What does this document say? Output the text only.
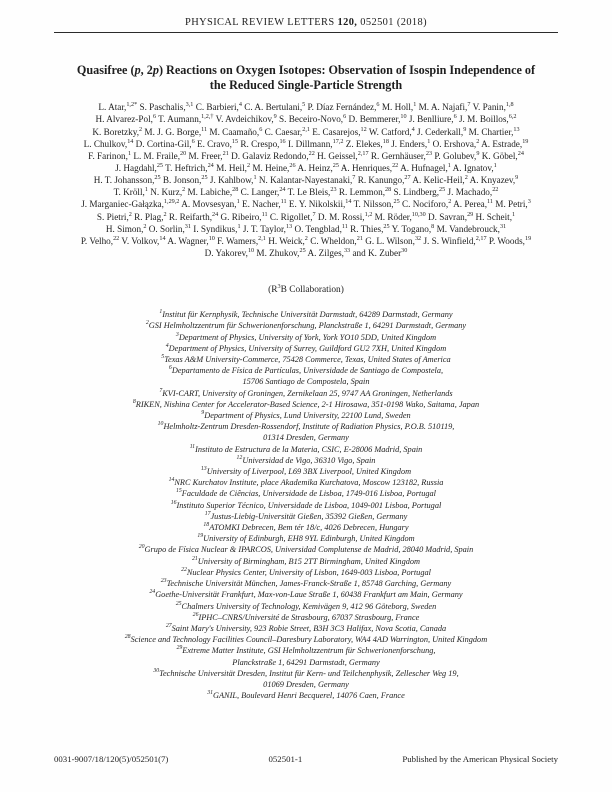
PHYSICAL REVIEW LETTERS 120, 052501 (2018)
Quasifree (p, 2p) Reactions on Oxygen Isotopes: Observation of Isospin Independence of
the Reduced Single-Particle Strength
L. Atar,$^{1,2*}$ S. Paschalis,$^{3,1}$ C. Barbieri,$^4$ C. A. Bertulani,$^5$ P. Díaz Fernández,$^6$ M. Holl,$^1$ M. A. Najafi,$^7$ V. Panin,$^{1,8}$
H. Alvarez-Pol,$^6$ T. Aumann,$^{1,2,\dagger}$ V. Avdeichikov,$^9$ S. Beceiro-Novo,$^6$ D. Bemmerer,$^{10}$ J. Benlliure,$^6$ J. M. Boillos,$^{6,2}$
K. Boretzky,$^2$ M. J. G. Borge,$^{11}$ M. Caamaño,$^6$ C. Caesar,$^{2,1}$ E. Casarejos,$^{12}$ W. Catford,$^4$ J. Cederkall,$^9$ M. Chartier,$^{13}$
L. Chulkov,$^{14}$ D. Cortina-Gil,$^6$ E. Cravo,$^{15}$ R. Crespo,$^{16}$ I. Dillmann,$^{17,2}$ Z. Elekes,$^{18}$ J. Enders,$^1$ O. Ershova,$^2$ A. Estrade,$^{19}$
F. Farinon,$^1$ L. M. Fraile,$^{20}$ M. Freer,$^{21}$ D. Galaviz Redondo,$^{22}$ H. Geissel,$^{2,17}$ R. Gernhäuser,$^{23}$ P. Golubev,$^9$ K. Göbel,$^{24}$
J. Hagdahl,$^{25}$ T. Heftrich,$^{24}$ M. Heil,$^2$ M. Heine,$^{26}$ A. Heinz,$^{25}$ A. Henriques,$^{22}$ A. Hufnagel,$^1$ A. Ignatov,$^1$
H. T. Johansson,$^{25}$ B. Jonson,$^{25}$ J. Kahlbow,$^1$ N. Kalantar-Nayestanaki,$^7$ R. Kanungo,$^{27}$ A. Kelic-Heil,$^2$ A. Knyazev,$^9$
T. Kröll,$^1$ N. Kurz,$^2$ M. Labiche,$^{28}$ C. Langer,$^{24}$ T. Le Bleis,$^{23}$ R. Lemmon,$^{28}$ S. Lindberg,$^{25}$ J. Machado,$^{22}$
J. Marganiec-Gałązka,$^{1,29,2}$ A. Movsesyan,$^1$ E. Nacher,$^{11}$ E. Y. Nikolskii,$^{14}$ T. Nilsson,$^{25}$ C. Nociforo,$^2$ A. Perea,$^{11}$ M. Petri,$^3$
S. Pietri,$^2$ R. Plag,$^2$ R. Reifarth,$^{24}$ G. Ribeiro,$^{11}$ C. Rigollet,$^7$ D. M. Rossi,$^{1,2}$ M. Röder,$^{10,30}$ D. Savran,$^{29}$ H. Scheit,$^1$
H. Simon,$^2$ O. Sorlin,$^{31}$ I. Syndikus,$^1$ J. T. Taylor,$^{13}$ O. Tengblad,$^{11}$ R. Thies,$^{25}$ Y. Togano,$^8$ M. Vandebrouck,$^{31}$
P. Velho,$^{22}$ V. Volkov,$^{14}$ A. Wagner,$^{10}$ F. Wamers,$^{2,1}$ H. Weick,$^2$ C. Wheldon,$^{21}$ G. L. Wilson,$^{32}$ J. S. Winfield,$^{2,17}$ P. Woods,$^{19}$
D. Yakorev,$^{10}$ M. Zhukov,$^{25}$ A. Zilges,$^{33}$ and K. Zuber$^{30}$
($R^3B$ Collaboration)
$^1$Institut für Kernphysik, Technische Universität Darmstadt, 64289 Darmstadt, Germany
$^2$GSI Helmholtzzentrum für Schwerionenforschung, Planckstraße 1, 64291 Darmstadt, Germany
$^3$Department of Physics, University of York, York YO10 5DD, United Kingdom
$^4$Department of Physics, University of Surrey, Guildford GU2 7XH, United Kingdom
$^5$Texas A&M University-Commerce, 75428 Commerce, Texas, United States of America
$^6$Departamento de Física de Partículas, Universidade de Santiago de Compostela,
15706 Santiago de Compostela, Spain
$^7$KVI-CART, University of Groningen, Zernikelaan 25, 9747 AA Groningen, Netherlands
$^8$RIKEN, Nishina Center for Accelerator-Based Science, 2-1 Hirosawa, 351-0198 Wako, Saitama, Japan
$^9$Department of Physics, Lund University, 22100 Lund, Sweden
$^{10}$Helmholtz-Zentrum Dresden-Rossendorf, Institute of Radiation Physics, P.O.B. 510119,
01314 Dresden, Germany
$^{11}$Instituto de Estructura de la Materia, CSIC, E-28006 Madrid, Spain
$^{12}$Universidad de Vigo, 36310 Vigo, Spain
$^{13}$University of Liverpool, L69 3BX Liverpool, United Kingdom
$^{14}$NRC Kurchatov Institute, place Akademika Kurchatova, Moscow 123182, Russia
$^{15}$Faculdade de Ciências, Universidade de Lisboa, 1749-016 Lisboa, Portugal
$^{16}$Instituto Superior Técnico, Universidade de Lisboa, 1049-001 Lisboa, Portugal
$^{17}$Justus-Liebig-Universität Gießen, 35392 Gießen, Germany
$^{18}$ATOMKI Debrecen, Bem tér 18/c, 4026 Debrecen, Hungary
$^{19}$University of Edinburgh, EH8 9YL Edinburgh, United Kingdom
$^{20}$Grupo de Física Nuclear & IPARCOS, Universidad Complutense de Madrid, 28040 Madrid, Spain
$^{21}$University of Birmingham, B15 2TT Birmingham, United Kingdom
$^{22}$Nuclear Physics Center, University of Lisbon, 1649-003 Lisboa, Portugal
$^{23}$Technische Universität München, James-Franck-Straße 1, 85748 Garching, Germany
$^{24}$Goethe-Universität Frankfurt, Max-von-Laue Straße 1, 60438 Frankfurt am Main, Germany
$^{25}$Chalmers University of Technology, Kemivägen 9, 412 96 Göteborg, Sweden
$^{26}$IPHC–CNRS/Université de Strasbourg, 67037 Strasbourg, France
$^{27}$Saint Mary's University, 923 Robie Street, B3H 3C3 Halifax, Nova Scotia, Canada
$^{28}$Science and Technology Facilities Council–Daresbury Laboratory, WA4 4AD Warrington, United Kingdom
$^{29}$Extreme Matter Institute, GSI Helmholtzzentrum für Schwerionenforschung,
Planckstraße 1, 64291 Darmstadt, Germany
$^{30}$Technische Universität Dresden, Institut für Kern- und Teilchenphysik, Zellescher Weg 19,
01069 Dresden, Germany
$^{31}$GANIL, Boulevard Henri Becquerel, 14076 Caen, France
0031-9007/18/120(5)/052501(7)	052501-1	Published by the American Physical Society
